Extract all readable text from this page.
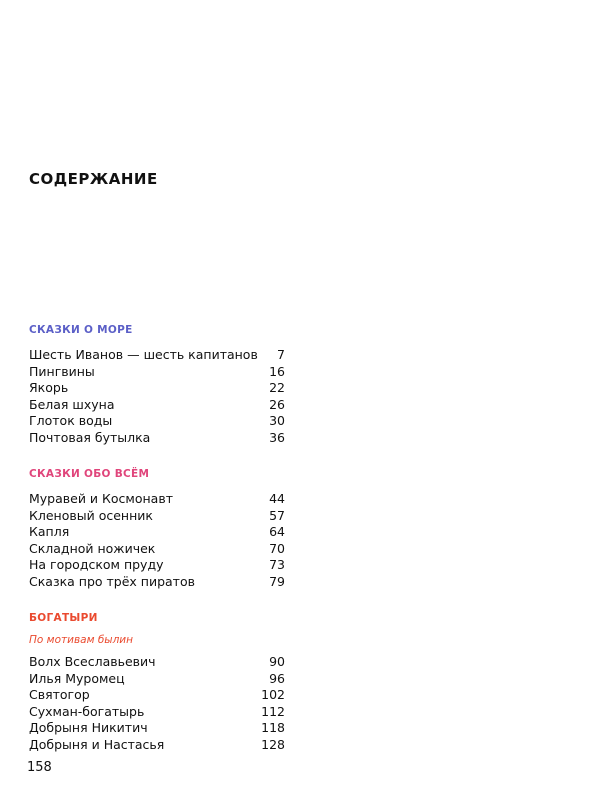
СОДЕРЖАНИЕ
СКАЗКИ О МОРЕ
Шесть Иванов — шесть капитанов 7
Пингвины	16
Якорь	22
Белая шхуна	26
Глоток воды	30
Почтовая бутылка	36
СКАЗКИ ОБО ВСЁМ
Муравей и Космонавт	44
Кленовый осенник	57
Капля	64
Складной ножичек	70
На городском пруду	73
Сказка про трёх пиратов	79
БОГАТЫРИ
По мотивам былин
Волх Всеславьевич	90
Илья Муромец	96
Святогор	102
Сухман-богатырь	112
Добрыня Никитич	118
Добрыня и Настасья	128
158
